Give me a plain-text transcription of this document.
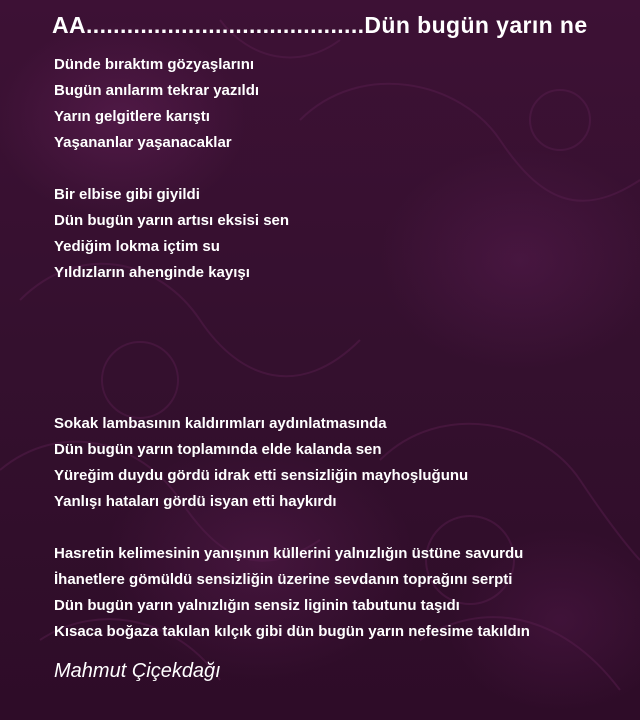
AA.........................................Dün bugün yarın ne
Dünde bıraktım gözyaşlarını
Bugün anılarım tekrar yazıldı
Yarın gelgitlere karıştı
Yaşananlar yaşanacaklar
Bir elbise gibi giyildi
Dün bugün yarın artısı eksisi sen
Yediğim lokma içtim su
Yıldızların ahenginde kayışı
Sokak lambasının kaldırımları aydınlatmasında
Dün bugün yarın toplamında elde kalanda sen
Yüreğim duydu gördü idrak etti sensizliğin mayhoşluğunu
Yanlışı hataları gördü isyan etti haykırdı
Hasretin kelimesinin yanışının küllerini yalnızlığın üstüne savurdu
İhanetlere gömüldü sensizliğin üzerine sevdanın toprağını serpti
Dün bugün yarın yalnızlığın sensiz liginin tabutunu taşıdı
Kısaca boğaza takılan kılçık gibi dün bugün yarın nefesime takıldın
Mahmut Çiçekdağı
